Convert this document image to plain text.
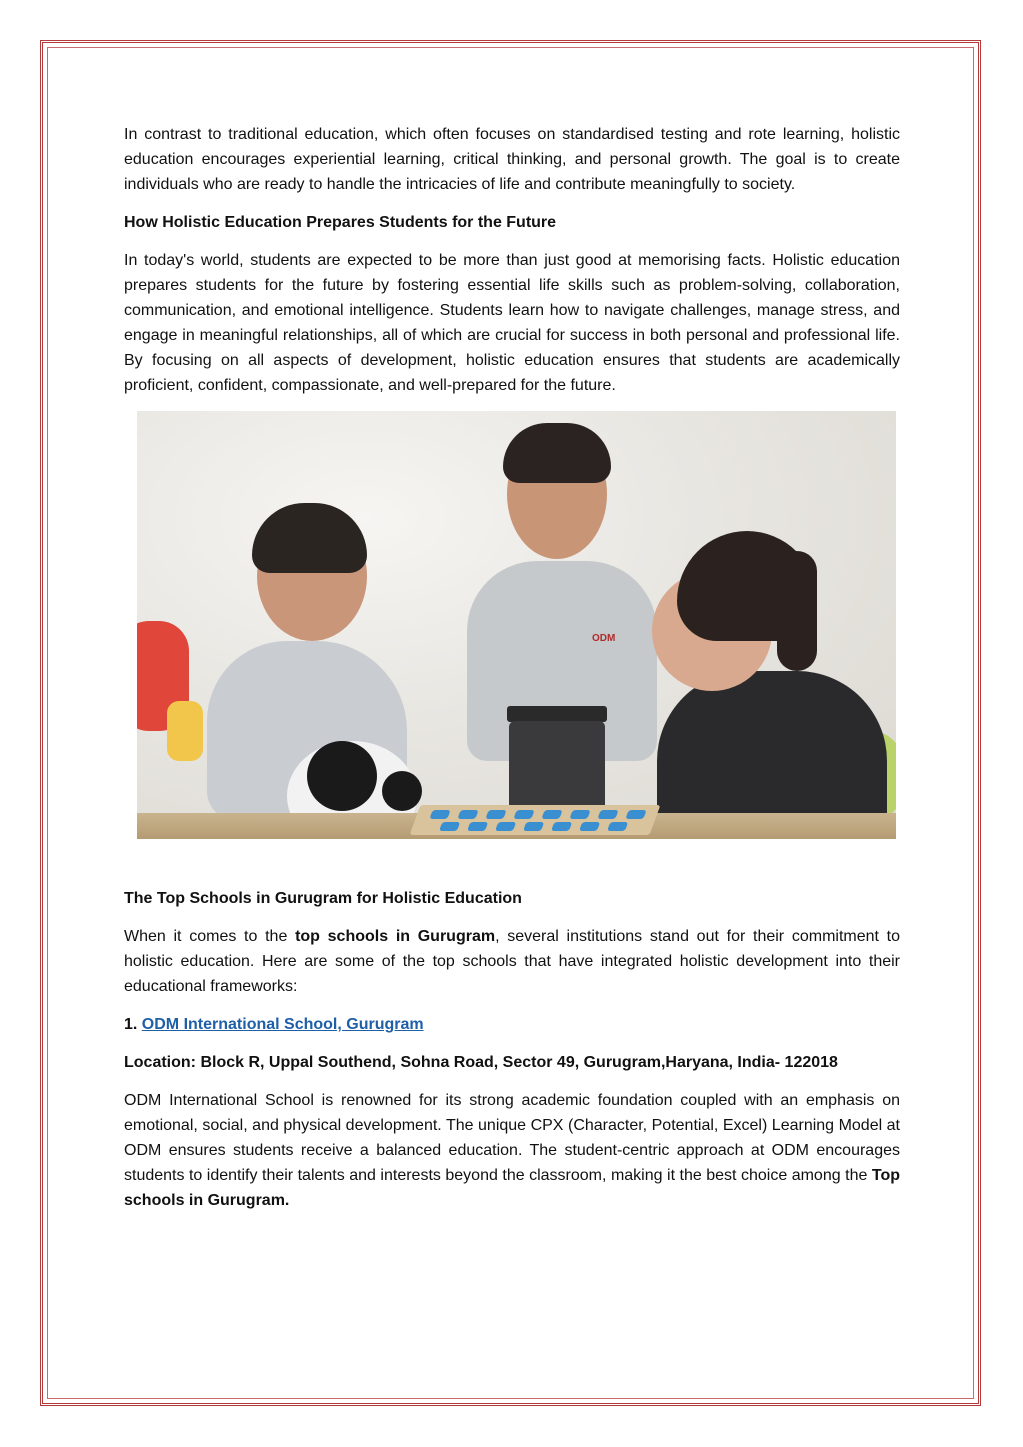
In contrast to traditional education, which often focuses on standardised testing and rote learning, holistic education encourages experiential learning, critical thinking, and personal growth. The goal is to create individuals who are ready to handle the intricacies of life and contribute meaningfully to society.

How Holistic Education Prepares Students for the Future

In today's world, students are expected to be more than just good at memorising facts. Holistic education prepares students for the future by fostering essential life skills such as problem-solving, collaboration, communication, and emotional intelligence. Students learn how to navigate challenges, manage stress, and engage in meaningful relationships, all of which are crucial for success in both personal and professional life. By focusing on all aspects of development, holistic education ensures that students are academically proficient, confident, compassionate, and well-prepared for the future.

ODM
The Top Schools in Gurugram for Holistic Education

When it comes to the top schools in Gurugram, several institutions stand out for their commitment to holistic education. Here are some of the top schools that have integrated holistic development into their educational frameworks:

1. ODM International School, Gurugram
Location: Block R, Uppal Southend, Sohna Road, Sector 49, Gurugram,Haryana, India- 122018

ODM International School is renowned for its strong academic foundation coupled with an emphasis on emotional, social, and physical development. The unique CPX (Character, Potential, Excel) Learning Model at ODM ensures students receive a balanced education. The student-centric approach at ODM encourages students to identify their talents and interests beyond the classroom, making it the best choice among the Top schools in Gurugram.
